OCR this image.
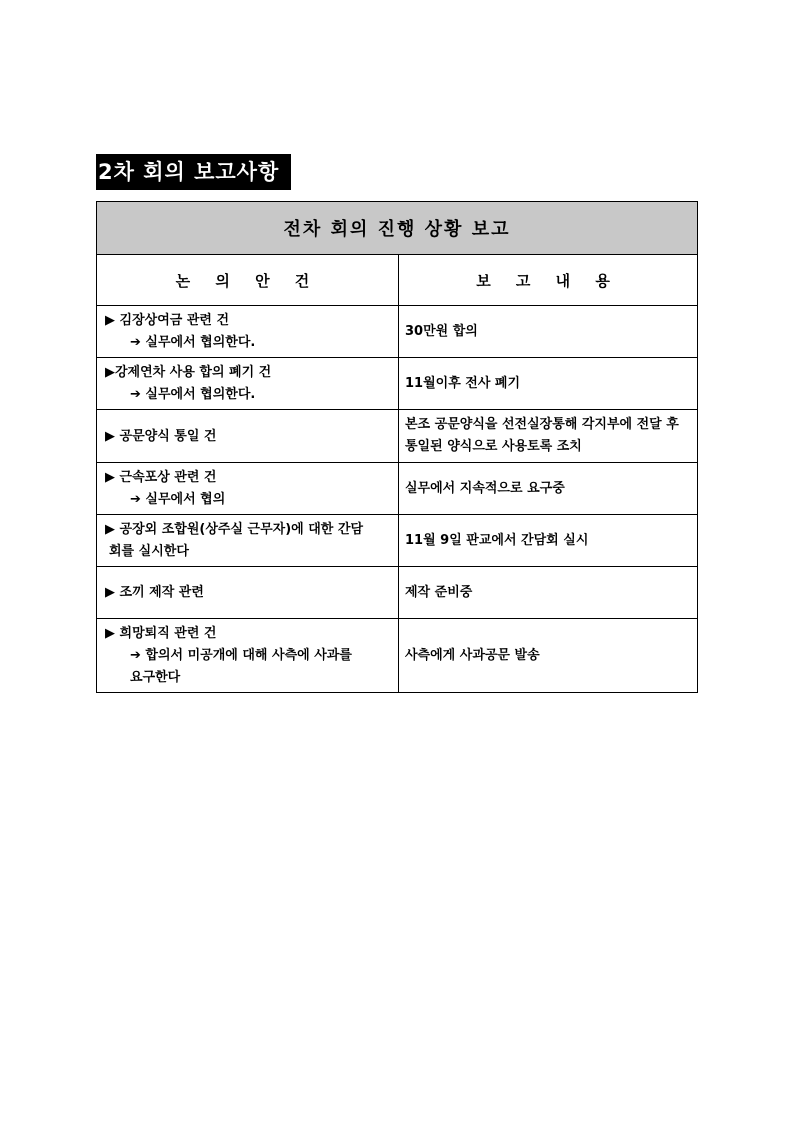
2차 회의 보고사항
전차 회의 진행 상황 보고	
논 의 안 건	보 고 내 용
▶ 김장상여금 관련 건
➔ 실무에서 협의한다.	30만원 합의
▶강제연차 사용 합의 폐기 건
➔ 실무에서 협의한다.	11월이후 전사 폐기
▶ 공문양식 통일 건	본조 공문양식을 선전실장통해 각지부에 전달 후 통일된 양식으로 사용토록 조치
▶ 근속포상 관련 건
➔ 실무에서 협의	실무에서 지속적으로 요구중
▶ 공장외 조합원(상주실 근무자)에 대한 간담
회를 실시한다	11월 9일 판교에서 간담회 실시
▶ 조끼 제작 관련	제작 준비중
▶ 희망퇴직 관련 건
➔ 합의서 미공개에 대해 사측에 사과를
요구한다	사측에게 사과공문 발송
